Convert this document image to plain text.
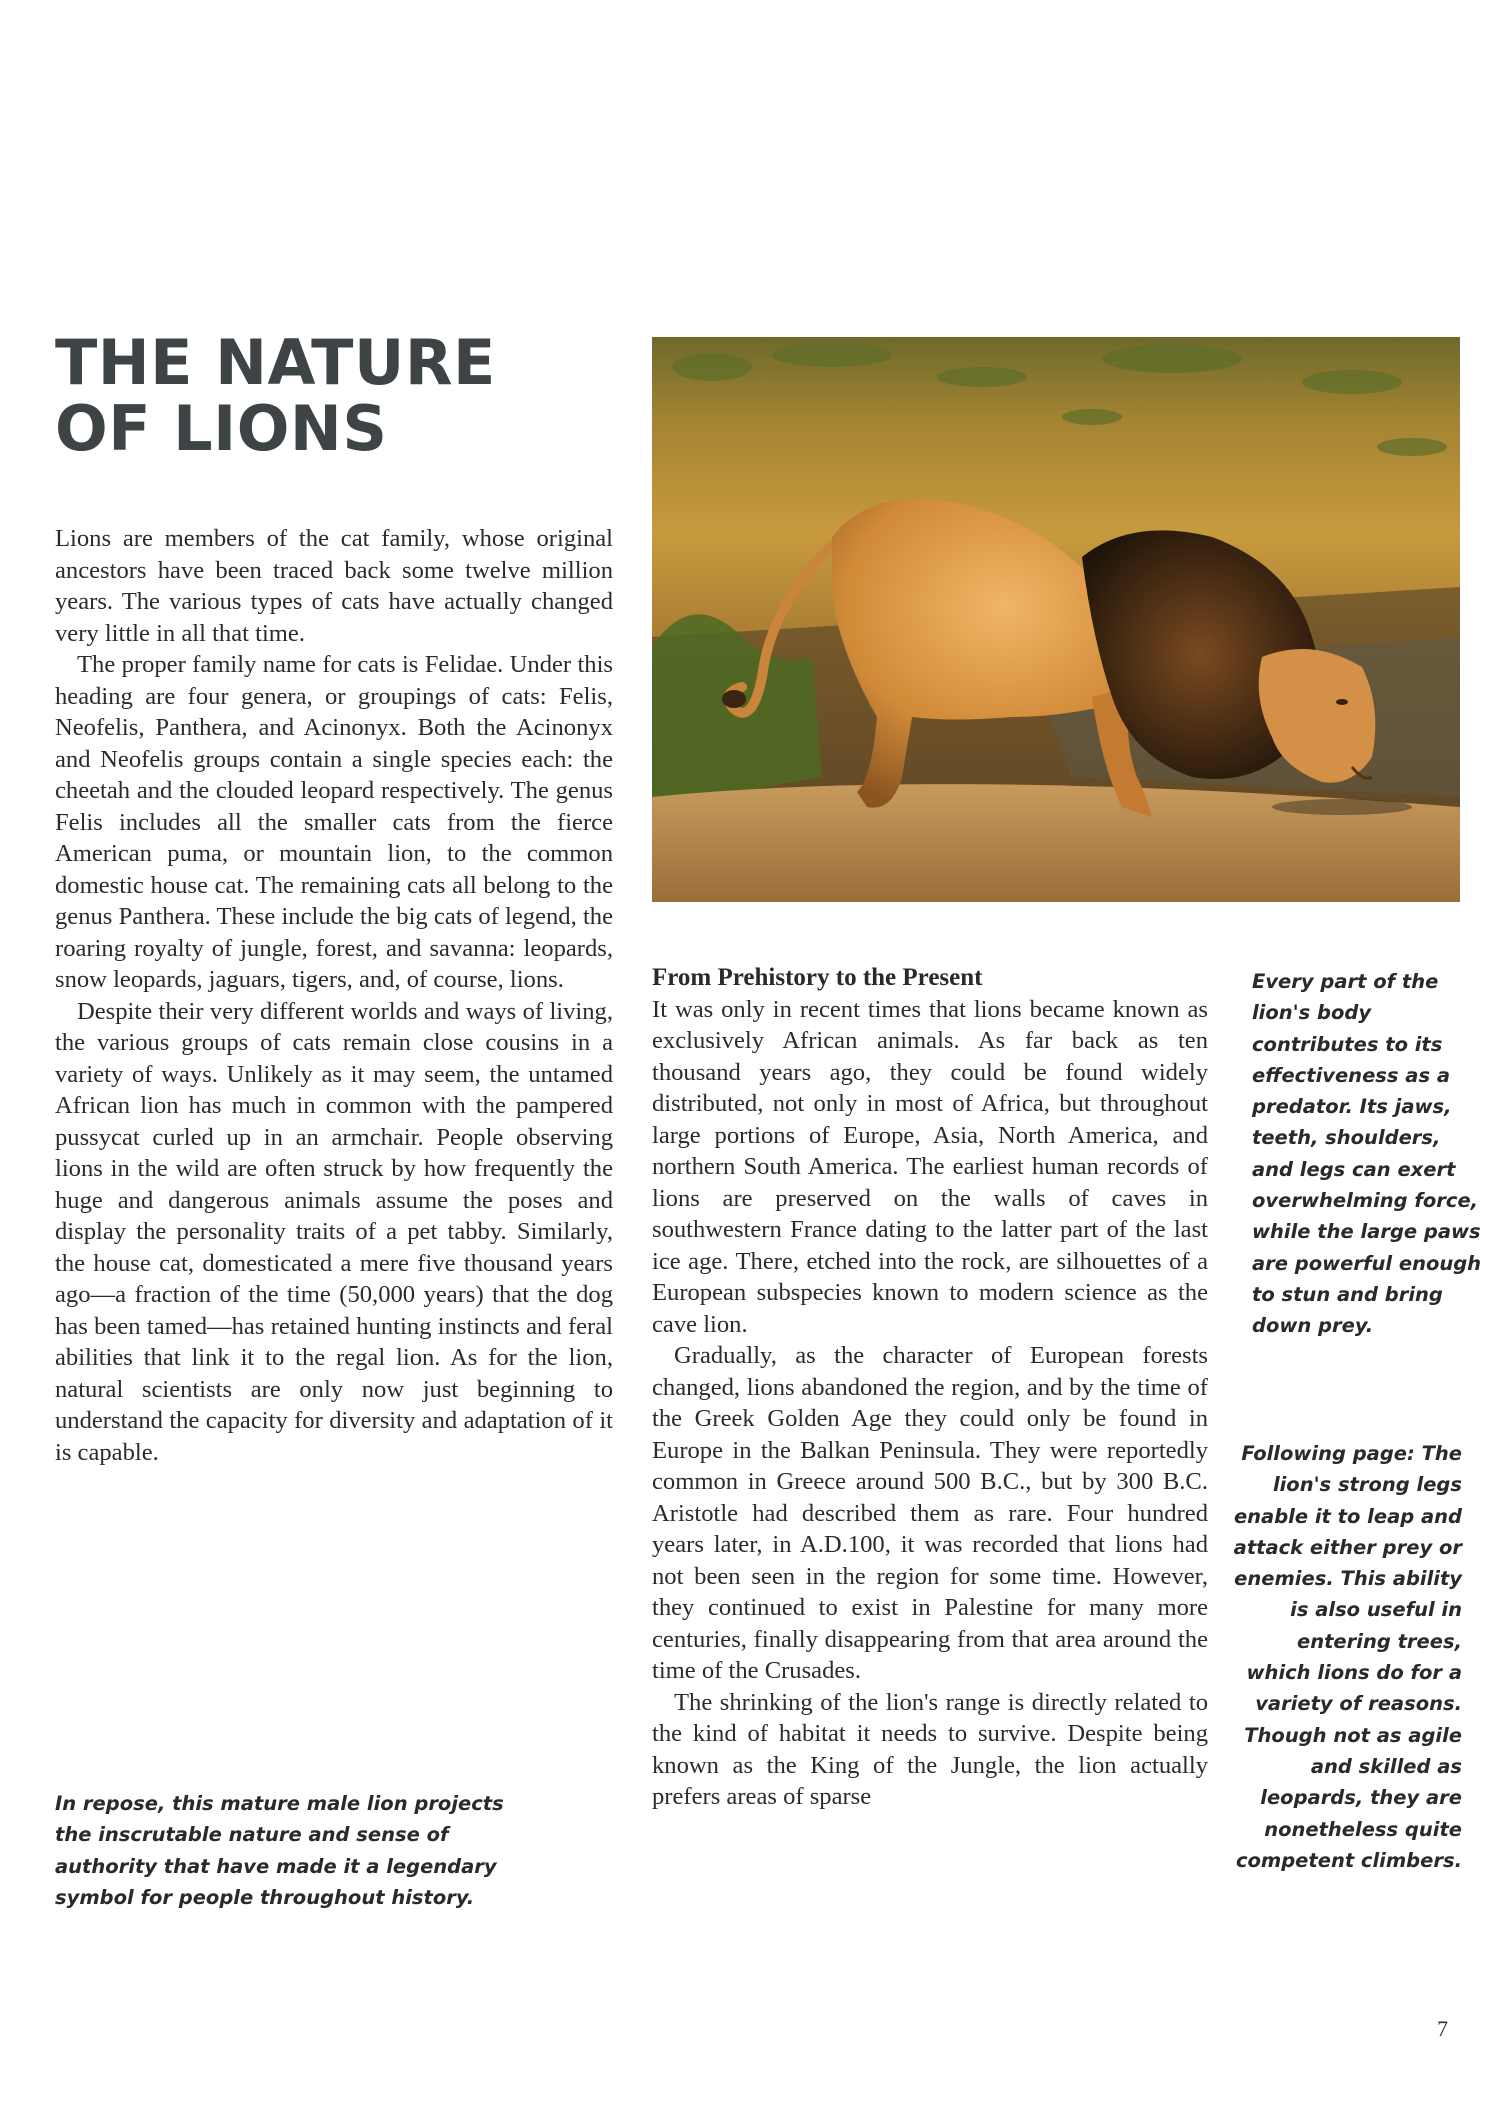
THE NATURE
OF LIONS

Lions are members of the cat family, whose original ancestors have been traced back some twelve million years. The various types of cats have actually changed very little in all that time.

The proper family name for cats is Felidae. Under this heading are four genera, or groupings of cats: Felis, Neofelis, Panthera, and Acinonyx. Both the Acinonyx and Neofelis groups contain a single species each: the cheetah and the clouded leopard respectively. The genus Felis includes all the smaller cats from the fierce American puma, or mountain lion, to the common domestic house cat. The remaining cats all belong to the genus Panthera. These include the big cats of legend, the roaring royalty of jungle, forest, and savanna: leopards, snow leopards, jaguars, tigers, and, of course, lions.

Despite their very different worlds and ways of living, the various groups of cats remain close cousins in a variety of ways. Unlikely as it may seem, the untamed African lion has much in common with the pampered pussycat curled up in an armchair. People observing lions in the wild are often struck by how frequently the huge and dangerous animals assume the poses and display the personality traits of a pet tabby. Similarly, the house cat, domesticated a mere five thousand years ago—a fraction of the time (50,000 years) that the dog has been tamed—has retained hunting instincts and feral abilities that link it to the regal lion. As for the lion, natural scientists are only now just beginning to understand the capacity for diversity and adaptation of it is capable.

From Prehistory to the Present

It was only in recent times that lions became known as exclusively African animals. As far back as ten thousand years ago, they could be found widely distributed, not only in most of Africa, but throughout large portions of Europe, Asia, North America, and northern South America. The earliest human records of lions are preserved on the walls of caves in southwestern France dating to the latter part of the last ice age. There, etched into the rock, are silhouettes of a European subspecies known to modern science as the cave lion.

Gradually, as the character of European forests changed, lions abandoned the region, and by the time of the Greek Golden Age they could only be found in Europe in the Balkan Peninsula. They were reportedly common in Greece around 500 B.C., but by 300 B.C. Aristotle had described them as rare. Four hundred years later, in A.D.100, it was recorded that lions had not been seen in the region for some time. However, they continued to exist in Palestine for many more centuries, finally disappearing from that area around the time of the Crusades.

The shrinking of the lion's range is directly related to the kind of habitat it needs to survive. Despite being known as the King of the Jungle, the lion actually prefers areas of sparse

In repose, this mature male lion projects the inscrutable nature and sense of authority that have made it a legendary symbol for people throughout history.

Every part of the lion's body contributes to its effectiveness as a predator. Its jaws, teeth, shoulders, and legs can exert overwhelming force, while the large paws are powerful enough to stun and bring down prey.

Following page: The lion's strong legs enable it to leap and attack either prey or enemies. This ability is also useful in entering trees, which lions do for a variety of reasons. Though not as agile and skilled as leopards, they are nonetheless quite competent climbers.

7
